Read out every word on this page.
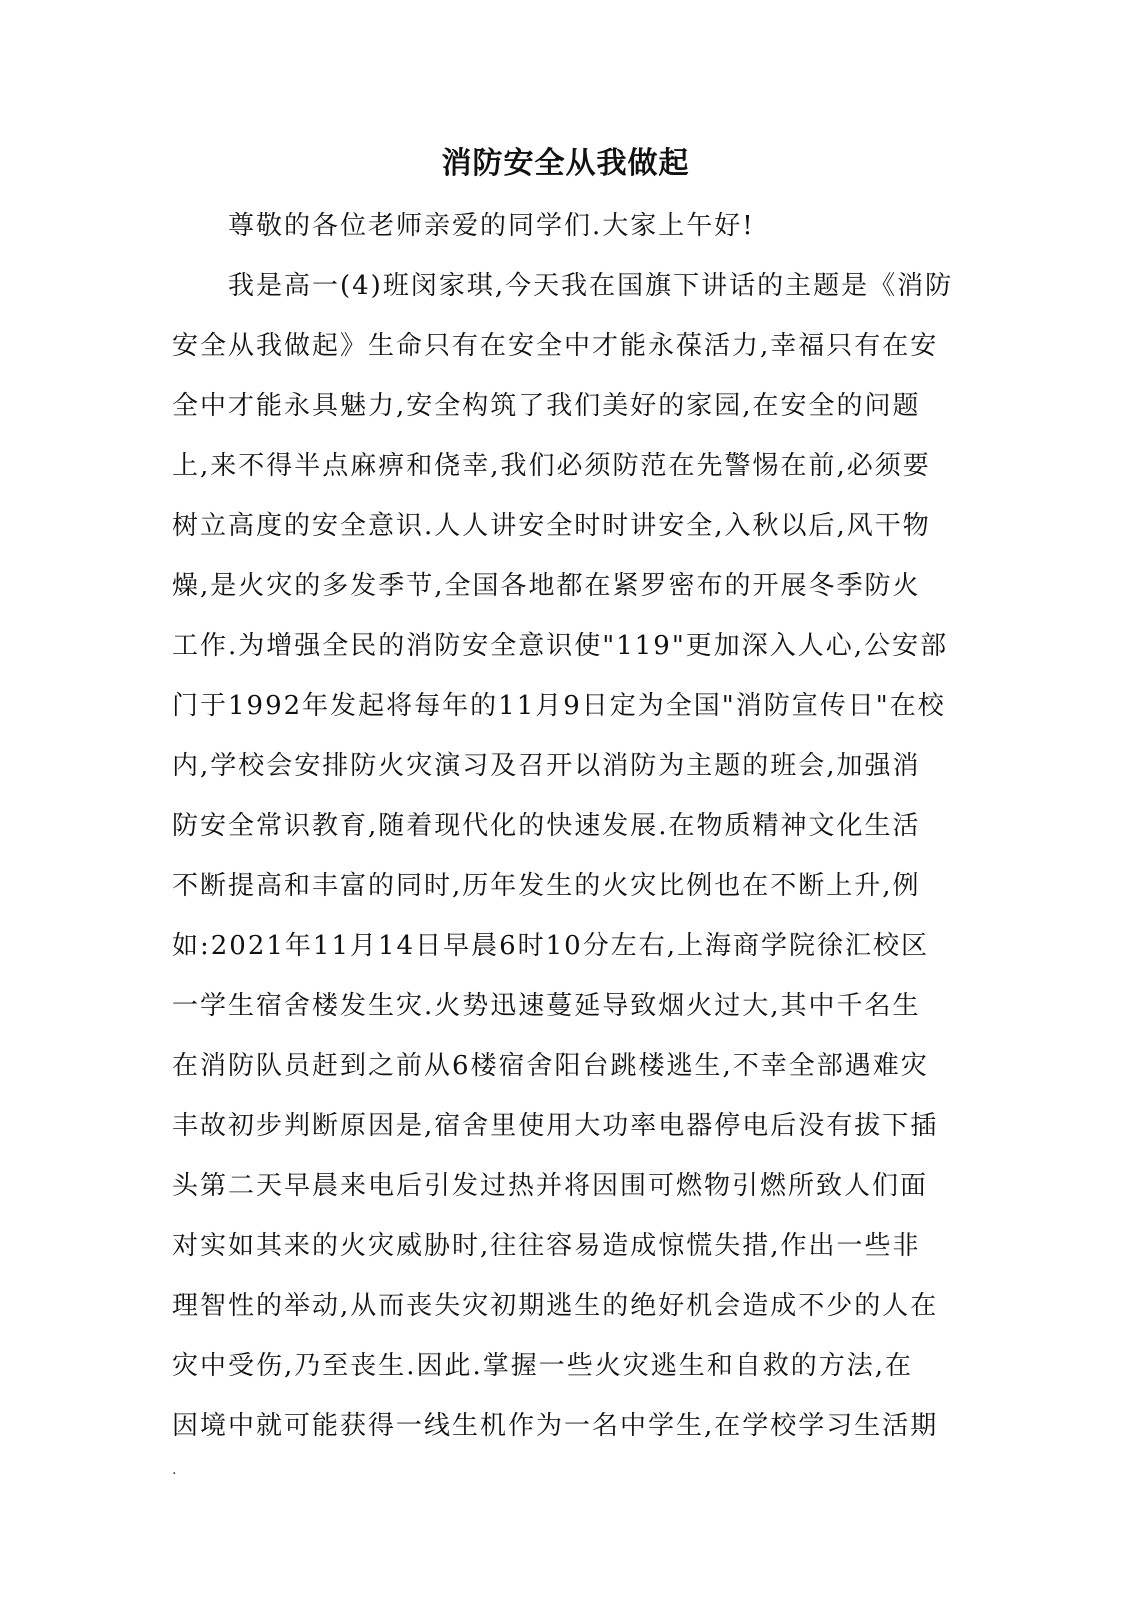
消防安全从我做起
尊敬的各位老师亲爱的同学们.大家上午好!
我是高一(4)班闵家琪,今天我在国旗下讲话的主题是《消防
安全从我做起》生命只有在安全中才能永葆活力,幸福只有在安
全中才能永具魅力,安全构筑了我们美好的家园,在安全的问题
上,来不得半点麻痹和侥幸,我们必须防范在先警惕在前,必须要
树立高度的安全意识.人人讲安全时时讲安全,入秋以后,风干物
燥,是火灾的多发季节,全国各地都在紧罗密布的开展冬季防火
工作.为增强全民的消防安全意识使"119"更加深入人心,公安部
门于1992年发起将每年的11月9日定为全国"消防宣传日"在校
内,学校会安排防火灾演习及召开以消防为主题的班会,加强消
防安全常识教育,随着现代化的快速发展.在物质精神文化生活
不断提高和丰富的同时,历年发生的火灾比例也在不断上升,例
如:2021年11月14日早晨6时10分左右,上海商学院徐汇校区
一学生宿舍楼发生灾.火势迅速蔓延导致烟火过大,其中千名生
在消防队员赶到之前从6楼宿舍阳台跳楼逃生,不幸全部遇难灾
丰故初步判断原因是,宿舍里使用大功率电器停电后没有拔下插
头第二天早晨来电后引发过热并将因围可燃物引燃所致人们面
对实如其来的火灾威胁时,往往容易造成惊慌失措,作出一些非
理智性的举动,从而丧失灾初期逃生的绝好机会造成不少的人在
灾中受伤,乃至丧生.因此.掌握一些火灾逃生和自救的方法,在
因境中就可能获得一线生机作为一名中学生,在学校学习生活期
.
